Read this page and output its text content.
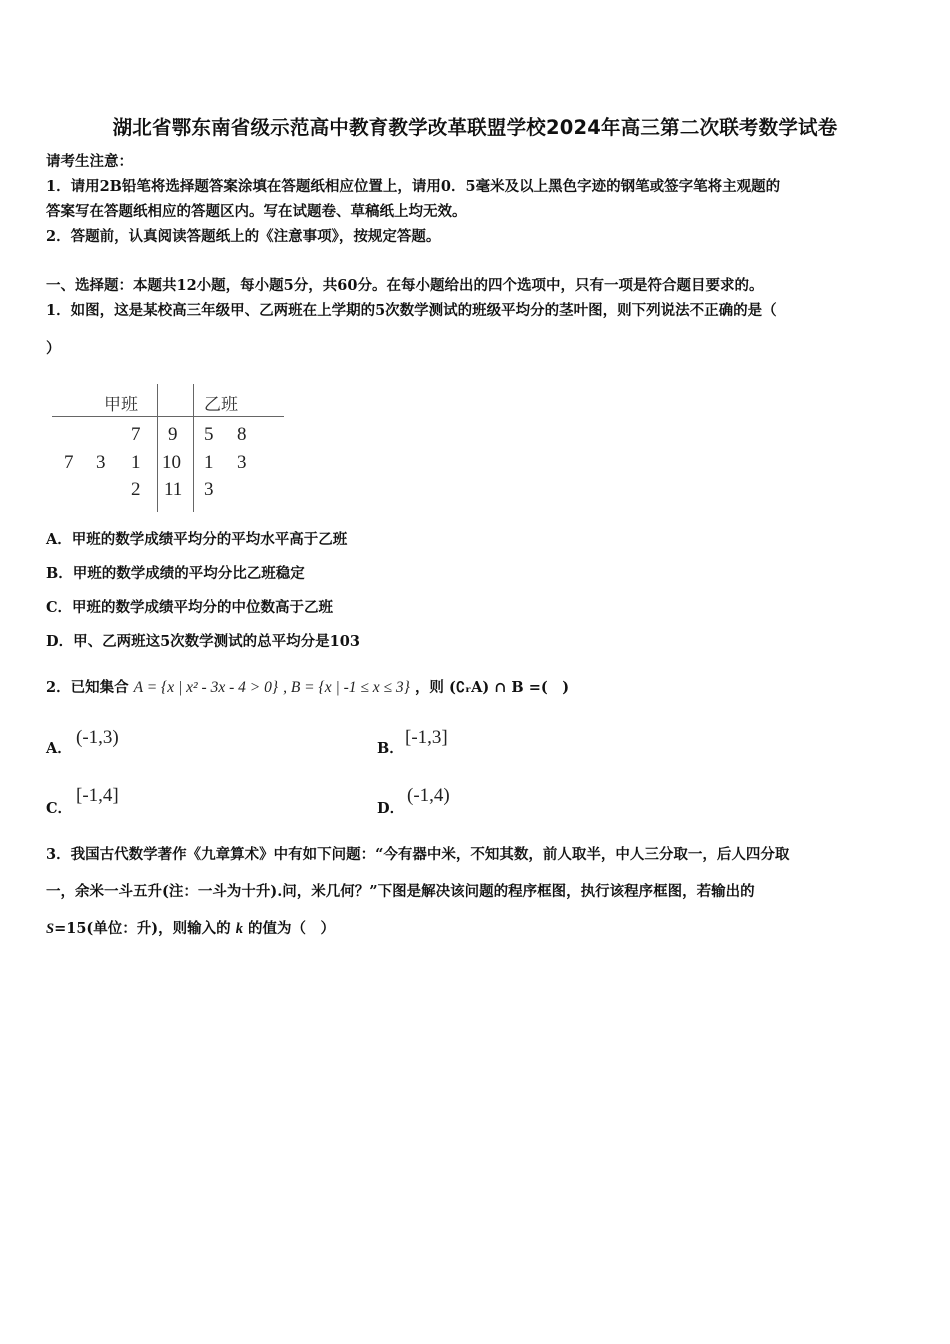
湖北省鄂东南省级示范高中教育教学改革联盟学校2024年高三第二次联考数学试卷
请考生注意：
1．请用2B铅笔将选择题答案涂填在答题纸相应位置上，请用0．5毫米及以上黑色字迹的钢笔或签字笔将主观题的
答案写在答题纸相应的答题区内。写在试题卷、草稿纸上均无效。
2．答题前，认真阅读答题纸上的《注意事项》，按规定答题。
一、选择题：本题共12小题，每小题5分，共60分。在每小题给出的四个选项中，只有一项是符合题目要求的。
1．如图，这是某校高三年级甲、乙两班在上学期的5次数学测试的班级平均分的茎叶图，则下列说法不正确的是（
）
甲班	乙班
7 9 5 8
7 3 1 10 1 3
2 11 3
A．甲班的数学成绩平均分的平均水平高于乙班
B．甲班的数学成绩的平均分比乙班稳定
C．甲班的数学成绩平均分的中位数高于乙班
D．甲、乙两班这5次数学测试的总平均分是103
2．已知集合 A = {x | x² - 3x - 4 > 0} , B = {x | -1 ≤ x ≤ 3} ，则 (∁ᵣA) ∩ B =(　)
A．
(-1,3)
B．
[-1,3]
C．
[-1,4]
D．
(-1,4)
3．我国古代数学著作《九章算术》中有如下问题：“今有器中米，不知其数，前人取半，中人三分取一，后人四分取
一，余米一斗五升(注：一斗为十升).问，米几何？”下图是解决该问题的程序框图，执行该程序框图，若输出的
S=15(单位：升)，则输入的 k 的值为（　）
